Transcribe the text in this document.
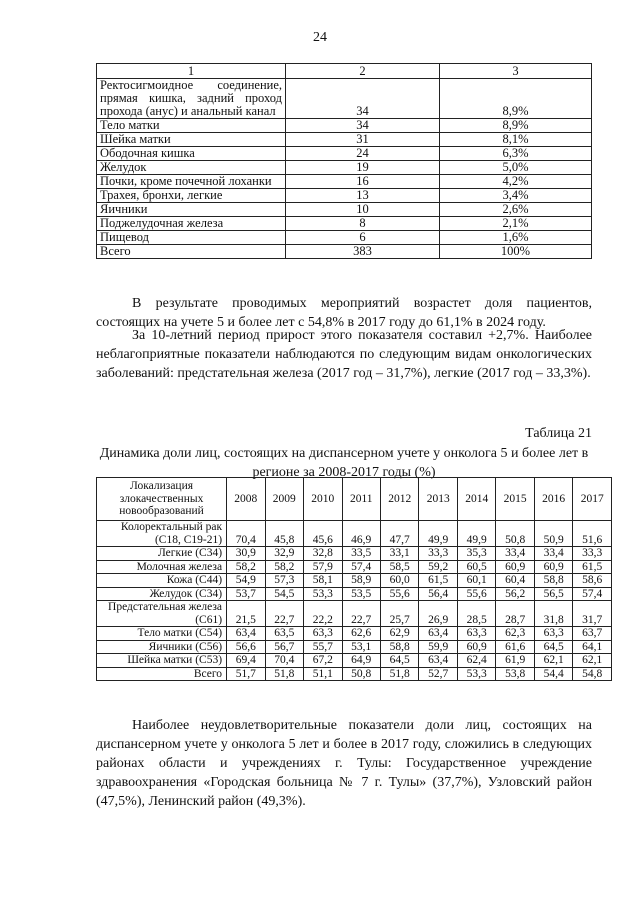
24
1	2	3
Ректосигмоидное соединение, прямая кишка, задний проход прохода (анус) и анальный канал	34	8,9%
Тело матки	34	8,9%
Шейка матки	31	8,1%
Ободочная кишка	24	6,3%
Желудок	19	5,0%
Почки, кроме почечной лоханки	16	4,2%
Трахея, бронхи, легкие	13	3,4%
Яичники	10	2,6%
Поджелудочная железа	8	2,1%
Пищевод	6	1,6%
Всего	383	100%
В результате проводимых мероприятий возрастет доля пациентов, состоящих на учете 5 и более лет с 54,8% в 2017 году до 61,1% в 2024 году.
За 10-летний период прирост этого показателя составил +2,7%. Наиболее неблагоприятные показатели наблюдаются по следующим видам онкологических заболеваний: предстательная железа (2017 год – 31,7%), легкие (2017 год – 33,3%).
Динамика доли лиц, состоящих на диспансерном учете у онколога 5 и более лет в регионе за 2008-2017 годы (%)
Таблица 21
Локализация злокачественных новообразований	2008	2009	2010	2011	2012	2013	2014	2015	2016	2017
Колоректальный рак (С18, С19-21)	70,4	45,8	45,6	46,9	47,7	49,9	49,9	50,8	50,9	51,6
Легкие (С34)	30,9	32,9	32,8	33,5	33,1	33,3	35,3	33,4	33,4	33,3
Молочная железа	58,2	58,2	57,9	57,4	58,5	59,2	60,5	60,9	60,9	61,5
Кожа (С44)	54,9	57,3	58,1	58,9	60,0	61,5	60,1	60,4	58,8	58,6
Желудок (С34)	53,7	54,5	53,3	53,5	55,6	56,4	55,6	56,2	56,5	57,4
Предстательная железа (С61)	21,5	22,7	22,2	22,7	25,7	26,9	28,5	28,7	31,8	31,7
Тело матки (С54)	63,4	63,5	63,3	62,6	62,9	63,4	63,3	62,3	63,3	63,7
Яичники (С56)	56,6	56,7	55,7	53,1	58,8	59,9	60,9	61,6	64,5	64,1
Шейка матки (С53)	69,4	70,4	67,2	64,9	64,5	63,4	62,4	61,9	62,1	62,1
Всего	51,7	51,8	51,1	50,8	51,8	52,7	53,3	53,8	54,4	54,8
Наиболее неудовлетворительные показатели доли лиц, состоящих на диспансерном учете у онколога 5 лет и более в 2017 году, сложились в следующих районах области и учреждениях г. Тулы: Государственное учреждение здравоохранения «Городская больница № 7 г. Тулы» (37,7%), Узловский район (47,5%), Ленинский район (49,3%).
